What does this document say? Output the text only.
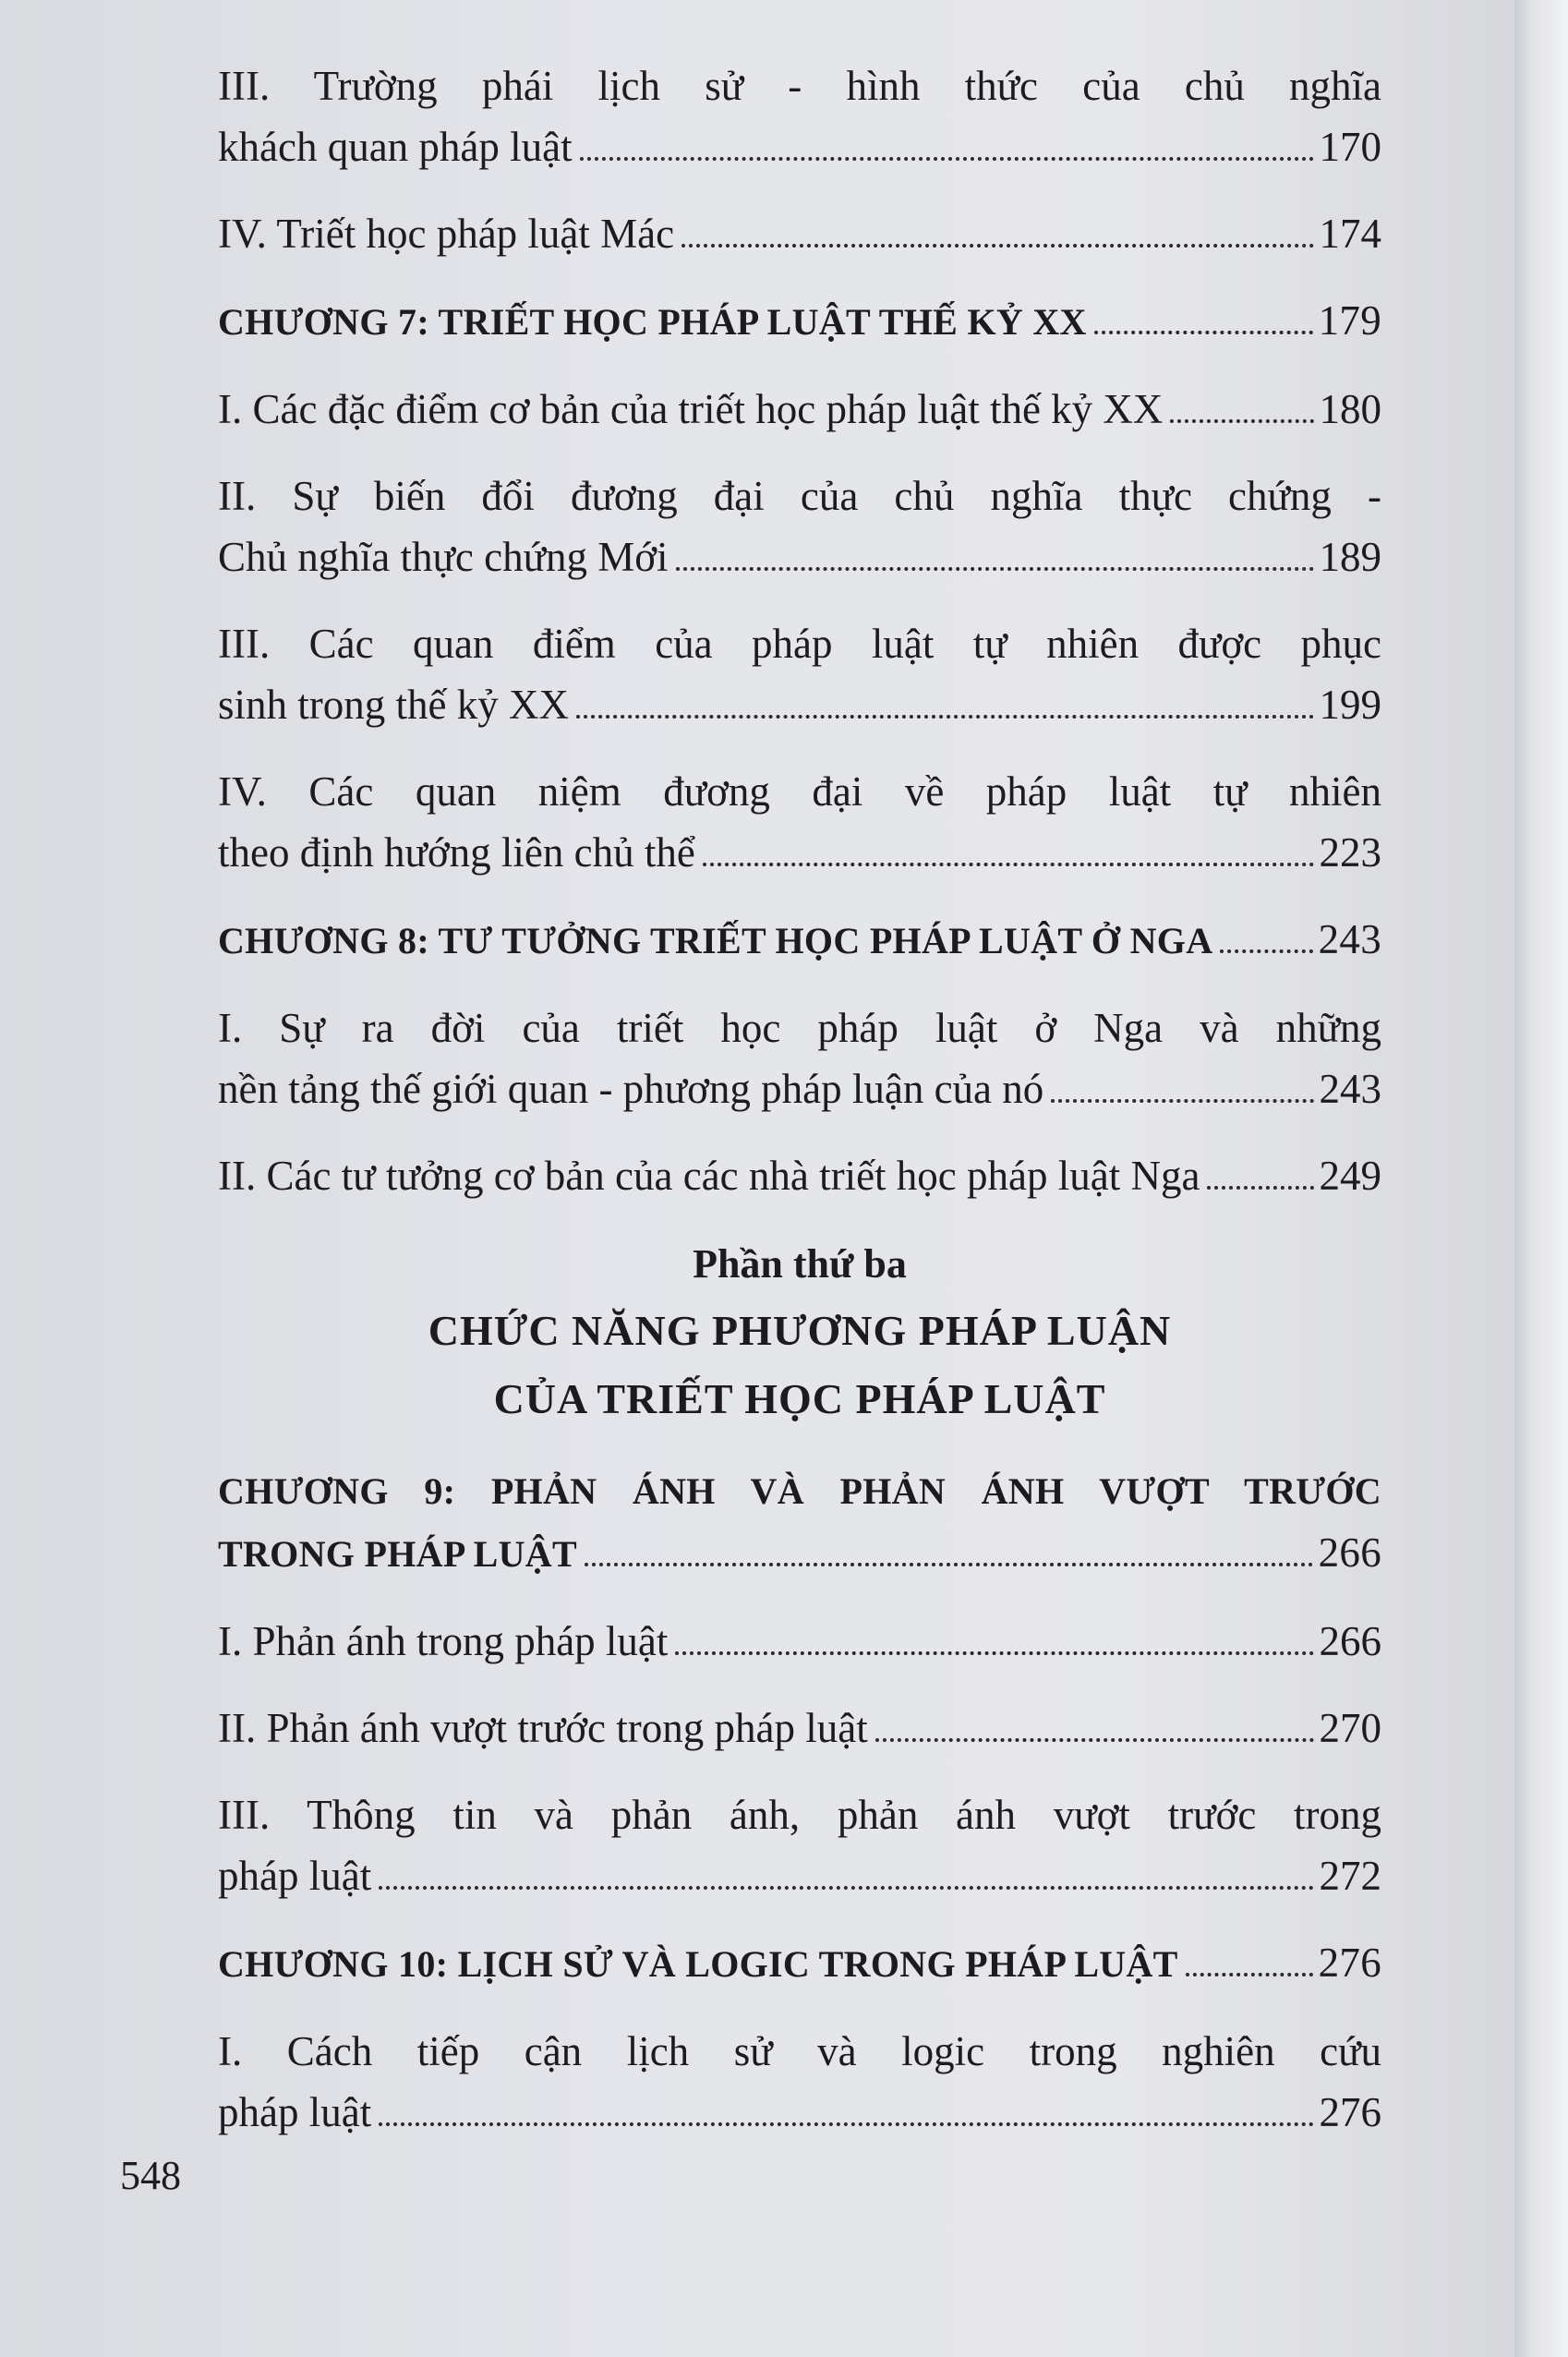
III. Trường phái lịch sử - hình thức của chủ nghĩa
khách quan pháp luật	170
IV. Triết học pháp luật Mác	174
CHƯƠNG 7: TRIẾT HỌC PHÁP LUẬT THẾ KỶ XX	179
I. Các đặc điểm cơ bản của triết học pháp luật thế kỷ XX	180
II. Sự biến đổi đương đại của chủ nghĩa thực chứng -
Chủ nghĩa thực chứng Mới	189
III. Các quan điểm của pháp luật tự nhiên được phục
sinh trong thế kỷ XX	199
IV. Các quan niệm đương đại về pháp luật tự nhiên
theo định hướng liên chủ thể	223
CHƯƠNG 8: TƯ TƯỞNG TRIẾT HỌC PHÁP LUẬT Ở NGA	243
I. Sự ra đời của triết học pháp luật ở Nga và những
nền tảng thế giới quan - phương pháp luận của nó	243
II. Các tư tưởng cơ bản của các nhà triết học pháp luật Nga	249
Phần thứ ba
CHỨC NĂNG PHƯƠNG PHÁP LUẬN
CỦA TRIẾT HỌC PHÁP LUẬT
CHƯƠNG 9: PHẢN ÁNH VÀ PHẢN ÁNH VƯỢT TRƯỚC
TRONG PHÁP LUẬT	266
I. Phản ánh trong pháp luật	266
II. Phản ánh vượt trước trong pháp luật	270
III. Thông tin và phản ánh, phản ánh vượt trước trong
pháp luật	272
CHƯƠNG 10: LỊCH SỬ VÀ LOGIC TRONG PHÁP LUẬT	276
I. Cách tiếp cận lịch sử và logic trong nghiên cứu
pháp luật	276
548
